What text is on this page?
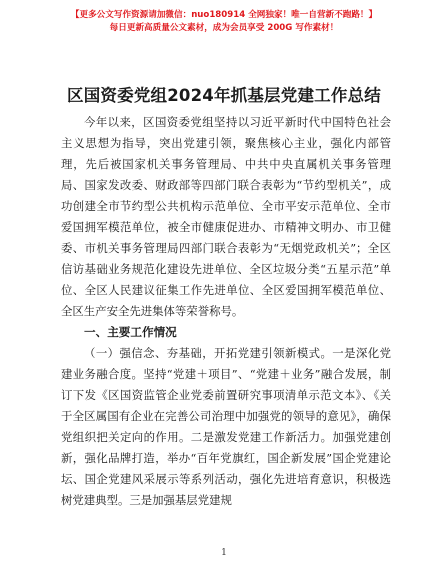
【更多公文写作资源请加微信：nuo180914 全网独家！唯一自营新不跑路！】
每日更新高质量公文素材，成为会员享受 200G 写作素材！
区国资委党组2024年抓基层党建工作总结

今年以来，区国资委党组坚持以习近平新时代中国特色社会主义思想为指导，突出党建引领，聚焦核心主业，强化内部管理，先后被国家机关事务管理局、中共中央直属机关事务管理局、国家发改委、财政部等四部门联合表彰为“节约型机关”，成功创建全市节约型公共机构示范单位、全市平安示范单位、全市爱国拥军模范单位，被全市健康促进办、市精神文明办、市卫健委、市机关事务管理局四部门联合表彰为“无烟党政机关”；全区信访基础业务规范化建设先进单位、全区垃圾分类“五星示范”单位、全区人民建议征集工作先进单位、全区爱国拥军模范单位、全区生产安全先进集体等荣誉称号。

一、主要工作情况

（一）强信念、夯基础，开拓党建引领新模式。一是深化党建业务融合度。坚持“党建＋项目”、“党建＋业务”融合发展，制订下发《区国资监管企业党委前置研究事项清单示范文本》、《关于全区属国有企业在完善公司治理中加强党的领导的意见》，确保党组织把关定向的作用。二是激发党建工作新活力。加强党建创新，强化品牌打造，举办“百年党旗红，国企新发展”国企党建论坛、国企党建风采展示等系列活动，强化先进培育意识，积极选树党建典型。三是加强基层党建规

1
